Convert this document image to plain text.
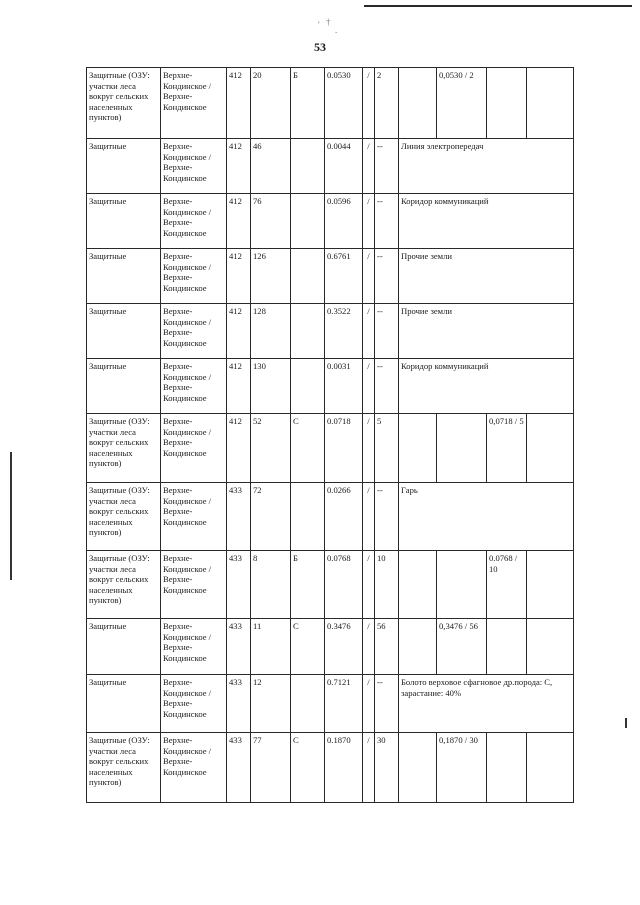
' †
.
53
Защитные (ОЗУ: участки леса вокруг сельских населенных пунктов)	Верхне-Кондинское / Верхне-Кондинское	412	20	Б	0.0530	/	2		0,0530 / 2		
Защитные	Верхне-Кондинское / Верхне-Кондинское	412	46		0.0044	/	--	Линия электропередач			
Защитные	Верхне-Кондинское / Верхне-Кондинское	412	76		0.0596	/	--	Коридор коммуникаций			
Защитные	Верхне-Кондинское / Верхне-Кондинское	412	126		0.6761	/	--	Прочие земли			
Защитные	Верхне-Кондинское / Верхне-Кондинское	412	128		0.3522	/	--	Прочие земли			
Защитные	Верхне-Кондинское / Верхне-Кондинское	412	130		0.0031	/	--	Коридор коммуникаций			
Защитные (ОЗУ: участки леса вокруг сельских населенных пунктов)	Верхне-Кондинское / Верхне-Кондинское	412	52	С	0.0718	/	5			0,0718 / 5	
Защитные (ОЗУ: участки леса вокруг сельских населенных пунктов)	Верхне-Кондинское / Верхне-Кондинское	433	72		0.0266	/	--	Гарь			
Защитные (ОЗУ: участки леса вокруг сельских населенных пунктов)	Верхне-Кондинское / Верхне-Кондинское	433	8	Б	0.0768	/	10			0.0768 / 10	
Защитные	Верхне-Кондинское / Верхне-Кондинское	433	11	С	0.3476	/	56		0,3476 / 56		
Защитные	Верхне-Кондинское / Верхне-Кондинское	433	12		0.7121	/	--	Болото верховое сфагновое др.порода: С, зарастание: 40%			
Защитные (ОЗУ: участки леса вокруг сельских населенных пунктов)	Верхне-Кондинское / Верхне-Кондинское	433	77	С	0.1870	/	30		0,1870 / 30		
